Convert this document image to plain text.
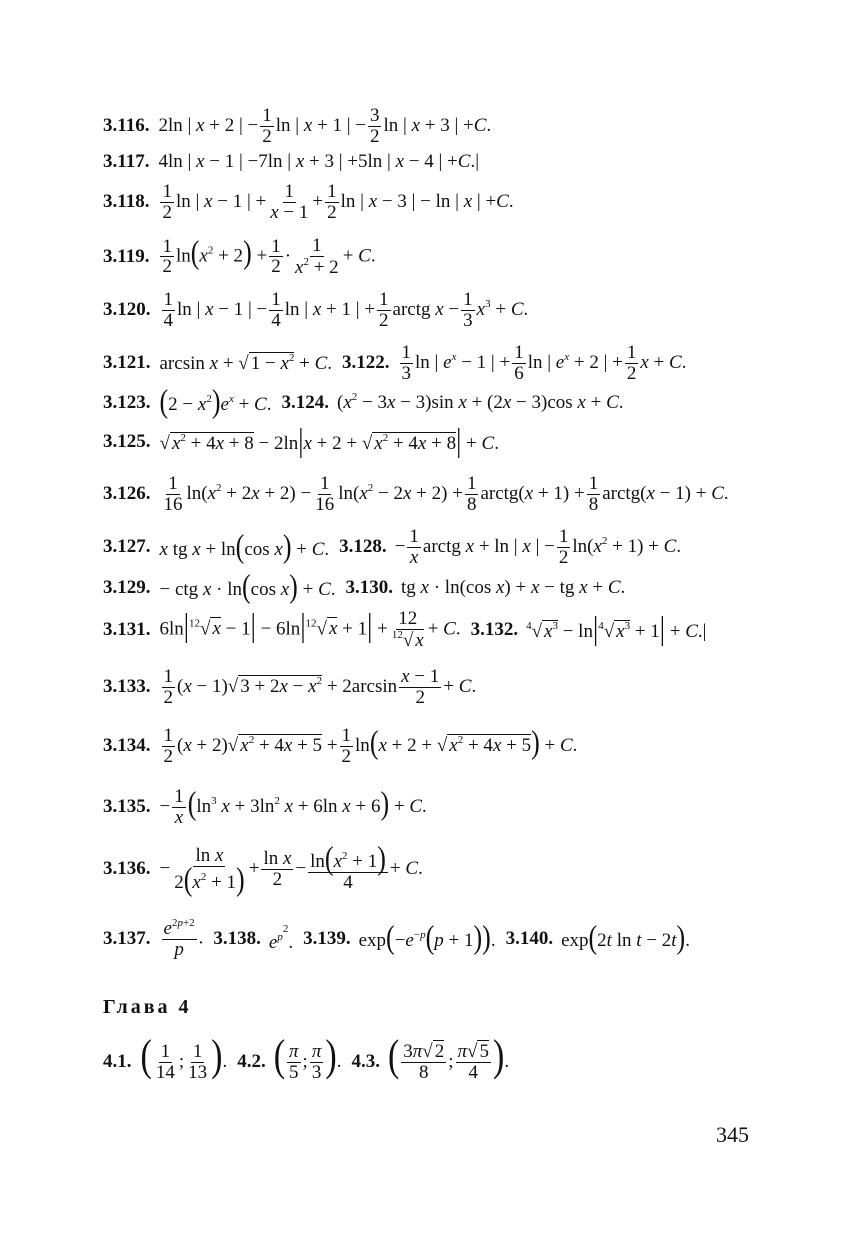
3.116. 2ln | x + 2 | − $\frac{1}{2}$ ln | x + 1 | − $\frac{3}{2}$ ln | x + 3 | +C.
3.117. 4ln | x − 1 | −7ln | x + 3 | +5ln | x − 4 | +C.|
3.118. $\frac{1}{2}$ ln | x − 1 | + $\frac{1}{x - 1} + \frac{1}{2}$ ln | x − 3 | − ln | x | +C.
3.119. $\frac{1}{2} \ln(x^2 + 2) + \frac{1}{2} \cdot \frac{1}{x^2 + 2} + C$.
3.120. $\frac{1}{4}$ ln | x − 1 | − $\frac{1}{4}$ ln | x + 1 | + $\frac{1}{2}$ arctg $x - \frac{1}{3} x^3 + C$.
3.121. arcsin x + √ $1 - x^2 + C$. 3.122. $\frac{1}{3}$ ln | $e^x - 1$ | + $\frac{1}{6}$ ln | $e^x + 2$ | + $\frac{1}{2}$ x + C.
3.123. $(2 - x^2)e^x + C$. 3.124. $(x^2 - 3x - 3)\sin$ x + (2x − 3)cos x + C.
3.125. √ $x^2 + 4x + 8 - 2\ln|x + 2$ + √ $x^2 + 4x + 8| + C$.
3.126. $\frac{1}{16} \ln(x^2 + 2x + 2) - \frac{1}{16} \ln(x^2 - 2x + 2) + \frac{1}{8}$ arctg(x + $1) + \frac{1}{8}$ arctg(x − 1) + C.
3.127. x tg x + ln(cos x) + C. 3.128. − $\frac{1}{x}$ arctg x + ln | x | − $\frac{1}{2} \ln(x^2 + 1) + C$.
3.129. − ctg x · ln(cos x) + C. 3.130. tg x · ln(cos x) + x − tg x + C.
3.131. $6\ln|^{12}√$ $x - 1| - 6\ln|^{12}√$ $x + 1| + \frac{12}{^{12}√ x} + C$. 3.132. $^4$√ $x^3 - \ln|^4√$ $x^3 + 1| + C.|$
3.133. $\frac{1}{2} (x - 1)√$ $3 + 2x - x^2 + 2\arcsin \frac{x - 1}{2} + C$.
3.134. $\frac{1}{2} (x + 2)√$ $x^2 + 4x + 5 + \frac{1}{2} \ln(x + 2$ + √ $x^2 + 4x + 5) + C$.
3.135. − $\frac{1}{x} (\ln^3$ $x + 3\ln^2$ x + 6ln x + 6) + C.
3.136. − $\frac{\text{ln x}}{2(x^2 + 1)} + \frac{\text{ln x}}{2} - \frac{\ln(x^2 + 1)}{4} + C$.
3.137. $\frac{e^{2p+2}}{p}$ . 3.138. $e^{p^2}$. 3.139. $\exp(-e^{-p}(p + 1))$. 3.140. exp(2t ln t − 2t).
Глава 4
4.1. ( $\frac{1}{14}$ ; $\frac{1}{13}$ ). 4.2. ( $\frac{\pi}{5}$ ; $\frac{\pi}{3}$ ). 4.3. ( $\frac{3\pi√ 2}{8}$ ; $\frac{\pi√ 5}{4}$ ).
345
